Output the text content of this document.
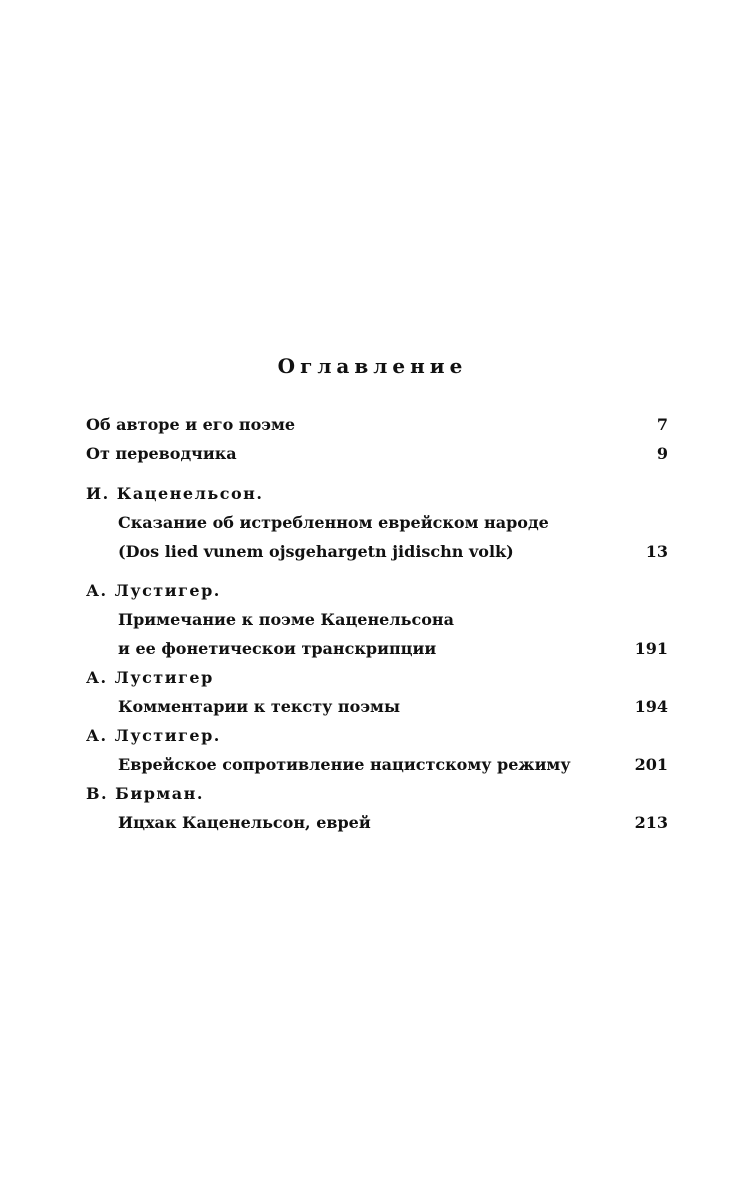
Оглавление
Об авторе и его поэме	7
От переводчика	9
И. Каценельсон.
Сказание об истребленном еврейском народе
(Dos lied vunem ojsgehargetn jidischn volk)	13
А. Лустигер.
Примечание к поэме Каценельсона
и ее фонетическои транскрипции	191
А. Лустигер
Комментарии к тексту поэмы	194
А. Лустигер.
Еврейское сопротивление нацистскому режиму	201
В. Бирман.
Ицхак Каценельсон, еврей	213
